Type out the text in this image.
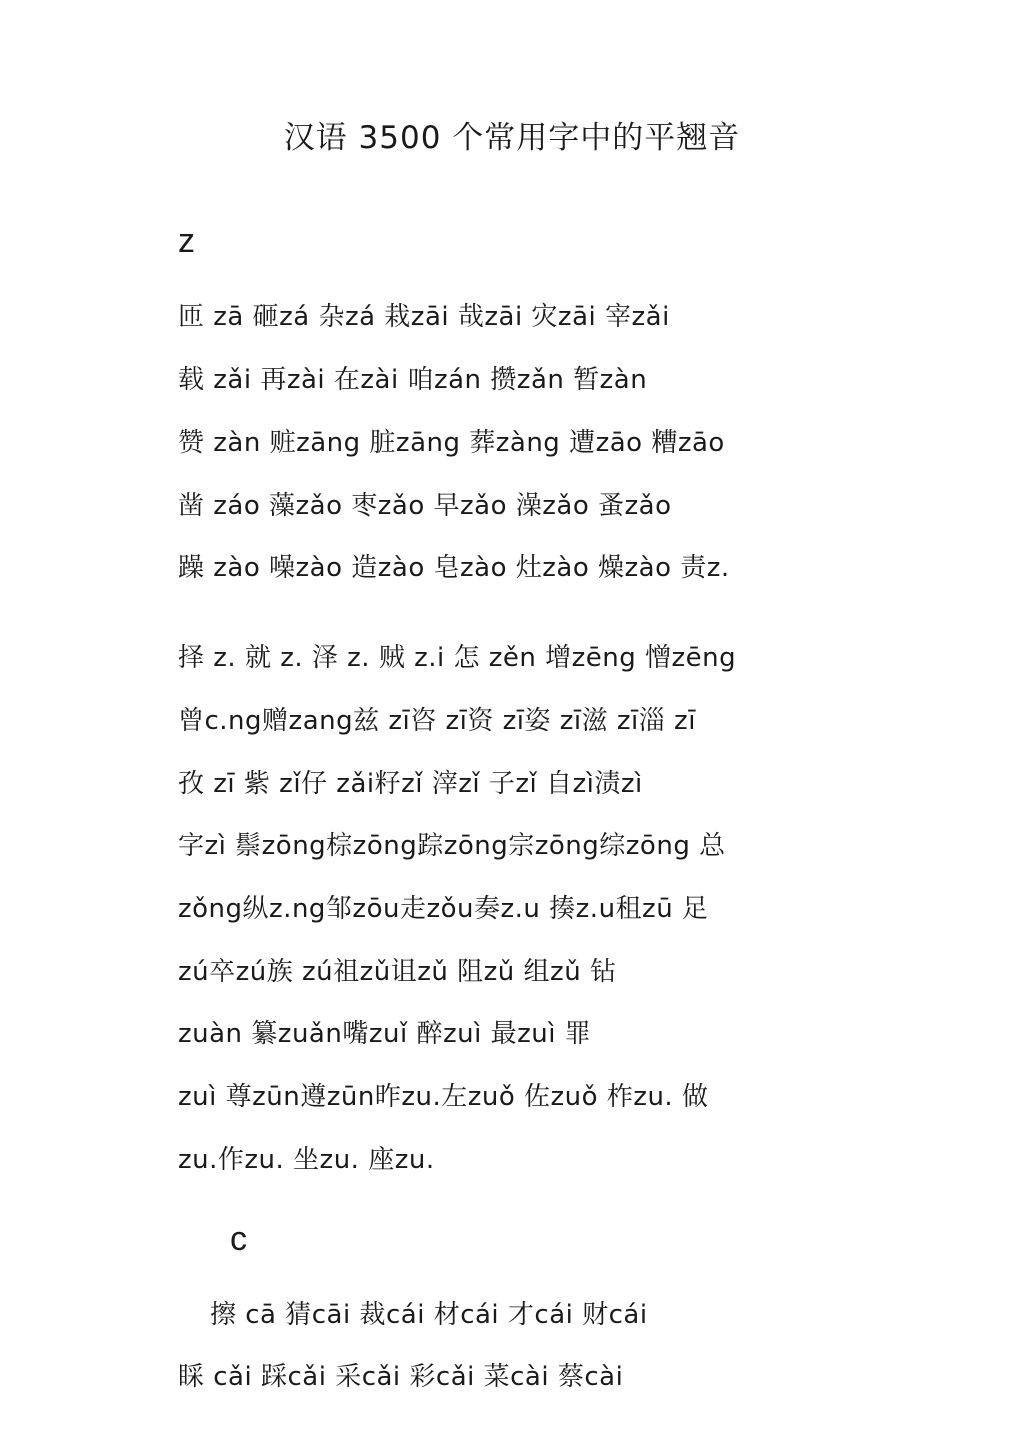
汉语 3500 个常用字中的平翘音
z
匝 zā 砸zá 杂zá 栽zāi 哉zāi 灾zāi 宰zǎi
载 zǎi 再zài 在zài 咱zán 攒zǎn 暂zàn
赞 zàn 赃zāng 脏zāng 葬zàng 遭zāo 糟zāo
凿 záo 藻zǎo 枣zǎo 早zǎo 澡zǎo 蚤zǎo
躁 zào 噪zào 造zào 皂zào 灶zào 燥zào 责z.
择 z. 就 z. 泽 z. 贼 z.i 怎 zěn 增zēng 憎zēng
曾c.ng赠zang兹 zī咨 zī资 zī姿 zī滋 zī淄 zī
孜 zī 紫 zǐ仔 zǎi籽zǐ 滓zǐ 子zǐ 自zì渍zì
字zì 鬃zōng棕zōng踪zōng宗zōng综zōng 总
zǒng纵z.ng邹zōu走zǒu奏z.u 揍z.u租zū 足
zú卒zú族 zú祖zǔ诅zǔ 阻zǔ 组zǔ 钻
zuàn 纂zuǎn嘴zuǐ 醉zuì 最zuì 罪
zuì 尊zūn遵zūn昨zu.左zuǒ 佐zuǒ 柞zu. 做
zu.作zu. 坐zu. 座zu.
c
擦 cā 猜cāi 裁cái 材cái 才cái 财cái
睬 cǎi 踩cǎi 采cǎi 彩cǎi 菜cài 蔡cài
